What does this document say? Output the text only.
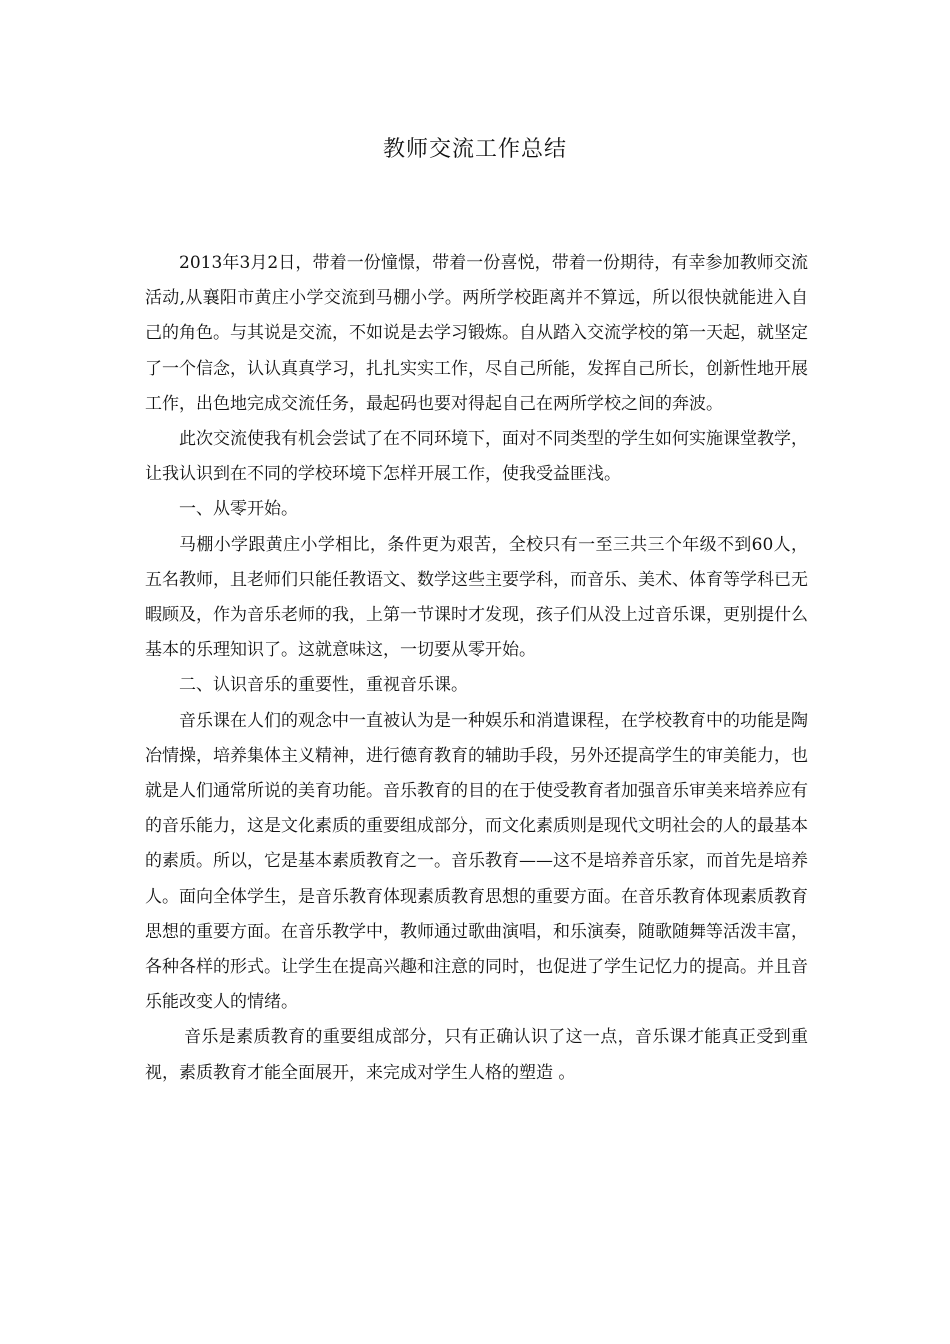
教师交流工作总结

2013年3月2日，带着一份憧憬，带着一份喜悦，带着一份期待，有幸参加教师交流活动,从襄阳市黄庄小学交流到马棚小学。两所学校距离并不算远，所以很快就能进入自己的角色。与其说是交流，不如说是去学习锻炼。自从踏入交流学校的第一天起，就坚定了一个信念，认认真真学习，扎扎实实工作，尽自己所能，发挥自己所长，创新性地开展工作，出色地完成交流任务，最起码也要对得起自己在两所学校之间的奔波。

此次交流使我有机会尝试了在不同环境下，面对不同类型的学生如何实施课堂教学，让我认识到在不同的学校环境下怎样开展工作，使我受益匪浅。

一、从零开始。

马棚小学跟黄庄小学相比，条件更为艰苦，全校只有一至三共三个年级不到60人，五名教师，且老师们只能任教语文、数学这些主要学科，而音乐、美术、体育等学科已无暇顾及，作为音乐老师的我，上第一节课时才发现，孩子们从没上过音乐课，更别提什么基本的乐理知识了。这就意味这，一切要从零开始。

二、认识音乐的重要性，重视音乐课。

音乐课在人们的观念中一直被认为是一种娱乐和消遣课程，在学校教育中的功能是陶冶情操，培养集体主义精神，进行德育教育的辅助手段，另外还提高学生的审美能力，也就是人们通常所说的美育功能。音乐教育的目的在于使受教育者加强音乐审美来培养应有的音乐能力，这是文化素质的重要组成部分，而文化素质则是现代文明社会的人的最基本的素质。所以，它是基本素质教育之一。音乐教育——这不是培养音乐家，而首先是培养人。面向全体学生，是音乐教育体现素质教育思想的重要方面。在音乐教育体现素质教育思想的重要方面。在音乐教学中，教师通过歌曲演唱，和乐演奏，随歌随舞等活泼丰富，各种各样的形式。让学生在提高兴趣和注意的同时，也促进了学生记忆力的提高。并且音乐能改变人的情绪。

音乐是素质教育的重要组成部分，只有正确认识了这一点，音乐课才能真正受到重视，素质教育才能全面展开，来完成对学生人格的塑造 。
